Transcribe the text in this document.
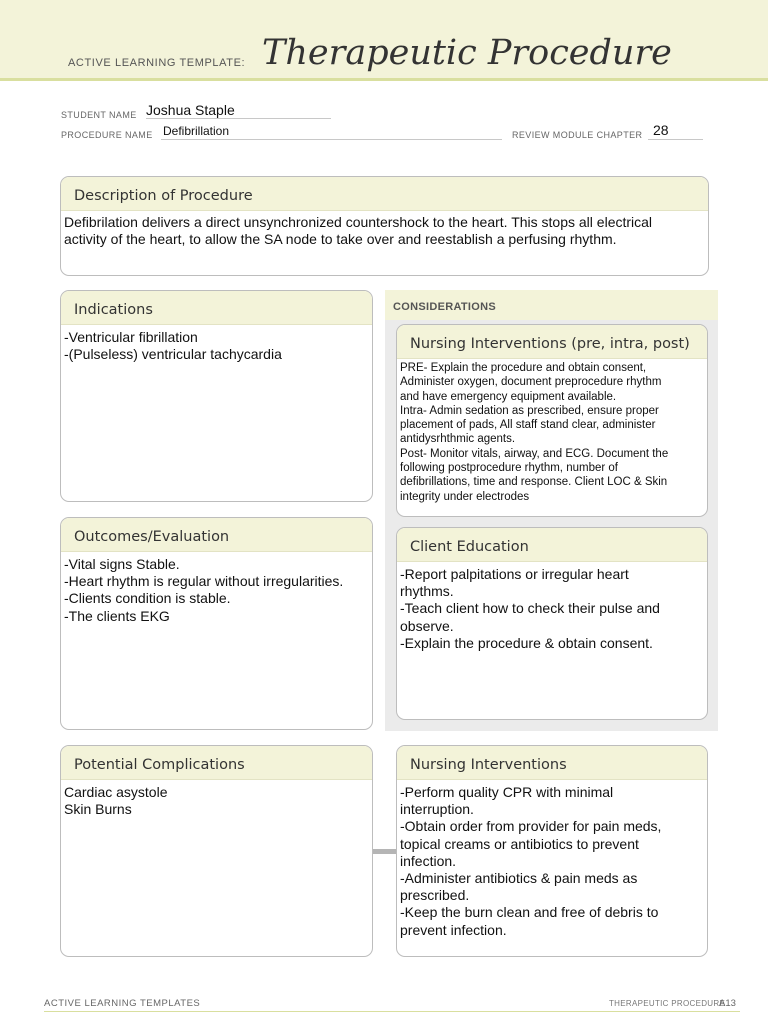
ACTIVE LEARNING TEMPLATE: Therapeutic Procedure
STUDENT NAME Joshua Staple
PROCEDURE NAME Defibrillation	REVIEW MODULE CHAPTER 28
Description of Procedure
Defibrilation delivers a direct unsynchronized countershock to the heart. This stops all electrical
activity of the heart, to allow the SA node to take over and reestablish a perfusing rhythm.
Indications
-Ventricular fibrillation
-(Pulseless) ventricular tachycardia
CONSIDERATIONS
Nursing Interventions (pre, intra, post)
PRE- Explain the procedure and obtain consent,
Administer oxygen, document preprocedure rhythm
and have emergency equipment available.
Intra- Admin sedation as prescribed, ensure proper
placement of pads, All staff stand clear, administer
antidysrhthmic agents.
Post- Monitor vitals, airway, and ECG. Document the
following postprocedure rhythm, number of
defibrillations, time and response. Client LOC & Skin
integrity under electrodes
Client Education
-Report palpitations or irregular heart
rhythms.
-Teach client how to check their pulse and
observe.
-Explain the procedure & obtain consent.
Outcomes/Evaluation
-Vital signs Stable.
-Heart rhythm is regular without irregularities.
-Clients condition is stable.
-The clients EKG
Potential Complications
Cardiac asystole
Skin Burns
Nursing Interventions
-Perform quality CPR with minimal
interruption.
-Obtain order from provider for pain meds,
topical creams or antibiotics to prevent
infection.
-Administer antibiotics & pain meds as
prescribed.
-Keep the burn clean and free of debris to
prevent infection.
ACTIVE LEARNING TEMPLATES	THERAPEUTIC PROCEDURE
A13
